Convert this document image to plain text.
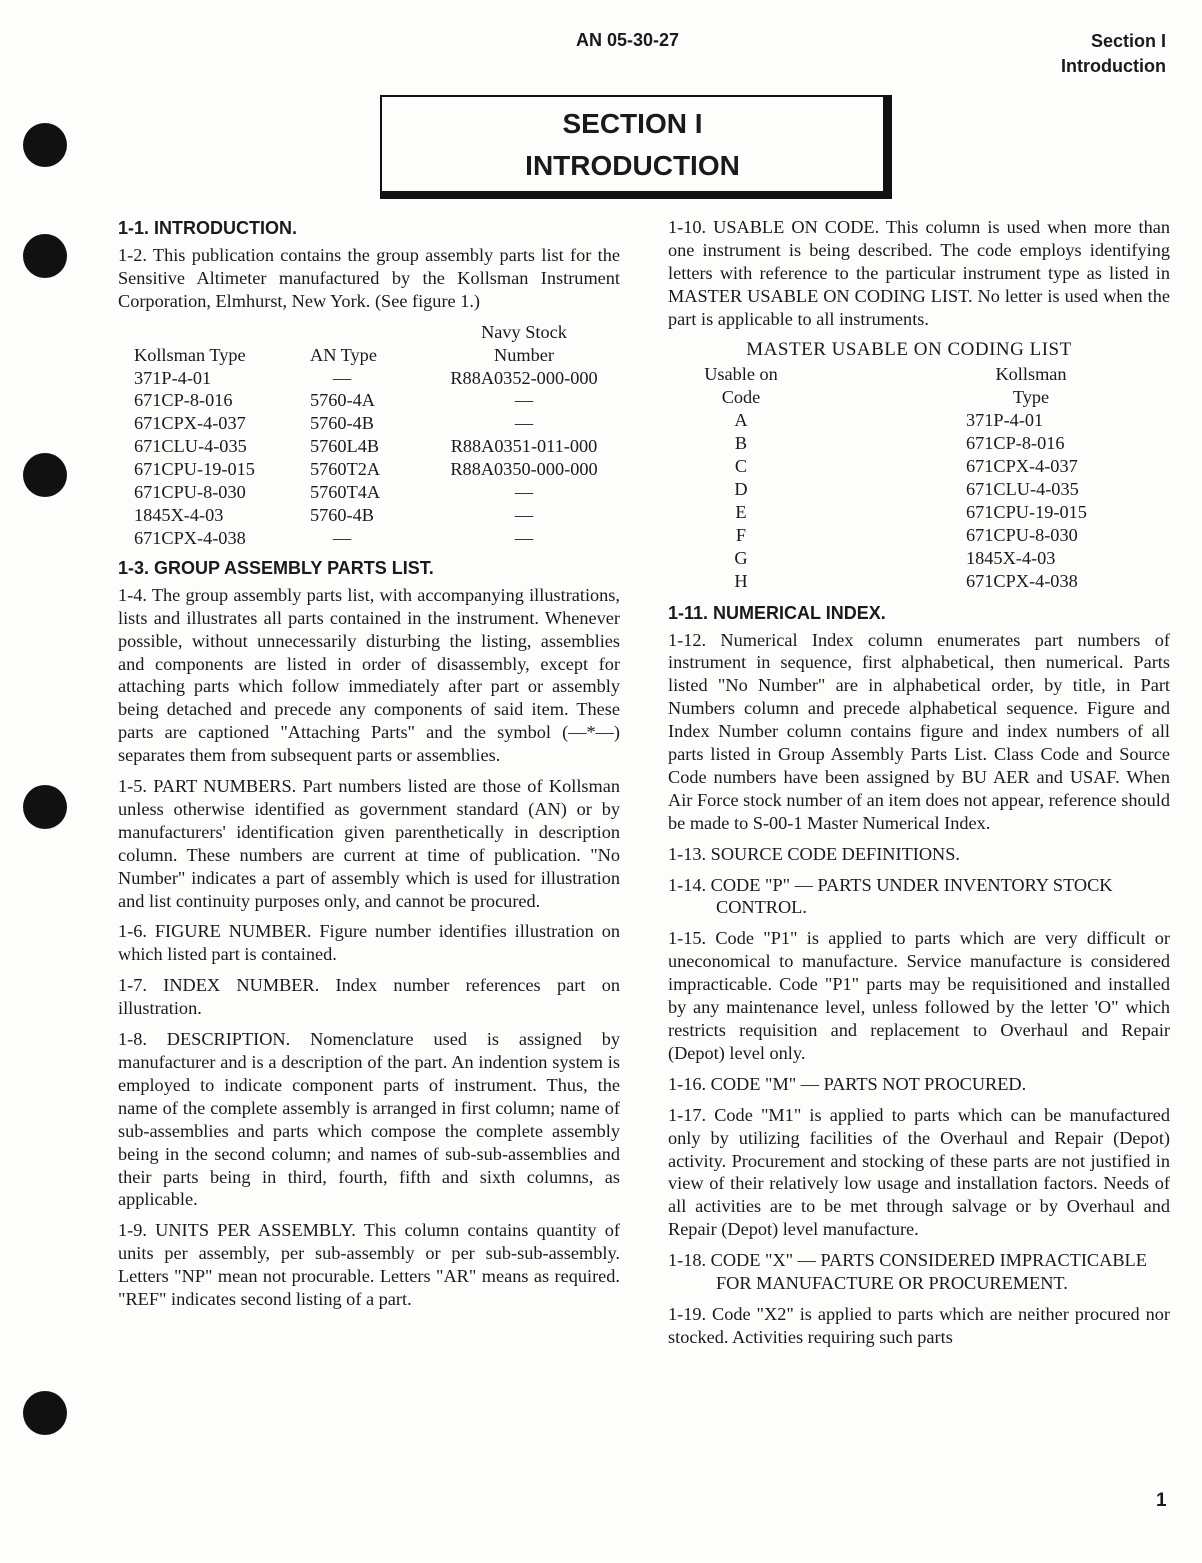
AN 05-30-27	Section I
Introduction
SECTION I
INTRODUCTION
1-1. INTRODUCTION.

1-2. This publication contains the group assembly parts list for the Sensitive Altimeter manufactured by the Kollsman Instrument Corporation, Elmhurst, New York. (See figure 1.)

		Navy Stock
Kollsman Type	AN Type	Number
371P-4-01	—	R88A0352-000-000
671CP-8-016	5760-4A	—
671CPX-4-037	5760-4B	—
671CLU-4-035	5760L4B	R88A0351-011-000
671CPU-19-015	5760T2A	R88A0350-000-000
671CPU-8-030	5760T4A	—
1845X-4-03	5760-4B	—
671CPX-4-038	—	—
1-3. GROUP ASSEMBLY PARTS LIST.

1-4. The group assembly parts list, with accompanying illustrations, lists and illustrates all parts contained in the instrument. Whenever possible, without unnecessarily disturbing the listing, assemblies and components are listed in order of disassembly, except for attaching parts which follow immediately after part or assembly being detached and precede any components of said item. These parts are captioned "Attaching Parts" and the symbol (—*—) separates them from subsequent parts or assemblies.

1-5. PART NUMBERS. Part numbers listed are those of Kollsman unless otherwise identified as government standard (AN) or by manufacturers' identification given parenthetically in description column. These numbers are current at time of publication. "No Number" indicates a part of assembly which is used for illustration and list continuity purposes only, and cannot be procured.

1-6. FIGURE NUMBER. Figure number identifies illustration on which listed part is contained.

1-7. INDEX NUMBER. Index number references part on illustration.

1-8. DESCRIPTION. Nomenclature used is assigned by manufacturer and is a description of the part. An indention system is employed to indicate component parts of instrument. Thus, the name of the complete assembly is arranged in first column; name of sub-assemblies and parts which compose the complete assembly being in the second column; and names of sub-sub-assemblies and their parts being in third, fourth, fifth and sixth columns, as applicable.

1-9. UNITS PER ASSEMBLY. This column contains quantity of units per assembly, per sub-assembly or per sub-sub-assembly. Letters "NP" mean not procurable. Letters "AR" means as required. "REF" indicates second listing of a part.

1-10. USABLE ON CODE. This column is used when more than one instrument is being described. The code employs identifying letters with reference to the particular instrument type as listed in MASTER USABLE ON CODING LIST. No letter is used when the part is applicable to all instruments.

MASTER USABLE ON CODING LIST
Usable on		Kollsman
Code		Type
A		371P-4-01
B		671CP-8-016
C		671CPX-4-037
D		671CLU-4-035
E		671CPU-19-015
F		671CPU-8-030
G		1845X-4-03
H		671CPX-4-038
1-11. NUMERICAL INDEX.

1-12. Numerical Index column enumerates part numbers of instrument in sequence, first alphabetical, then numerical. Parts listed "No Number" are in alphabetical order, by title, in Part Numbers column and precede alphabetical sequence. Figure and Index Number column contains figure and index numbers of all parts listed in Group Assembly Parts List. Class Code and Source Code numbers have been assigned by BU AER and USAF. When Air Force stock number of an item does not appear, reference should be made to S-00-1 Master Numerical Index.

1-13. SOURCE CODE DEFINITIONS.

1-14. CODE "P" — PARTS UNDER INVENTORY STOCK CONTROL.

1-15. Code "P1" is applied to parts which are very difficult or uneconomical to manufacture. Service manufacture is considered impracticable. Code "P1" parts may be requisitioned and installed by any maintenance level, unless followed by the letter 'O" which restricts requisition and replacement to Overhaul and Repair (Depot) level only.

1-16. CODE "M" — PARTS NOT PROCURED.

1-17. Code "M1" is applied to parts which can be manufactured only by utilizing facilities of the Overhaul and Repair (Depot) activity. Procurement and stocking of these parts are not justified in view of their relatively low usage and installation factors. Needs of all activities are to be met through salvage or by Overhaul and Repair (Depot) level manufacture.

1-18. CODE "X" — PARTS CONSIDERED IMPRACTICABLE FOR MANUFACTURE OR PROCUREMENT.

1-19. Code "X2" is applied to parts which are neither procured nor stocked. Activities requiring such parts

1
